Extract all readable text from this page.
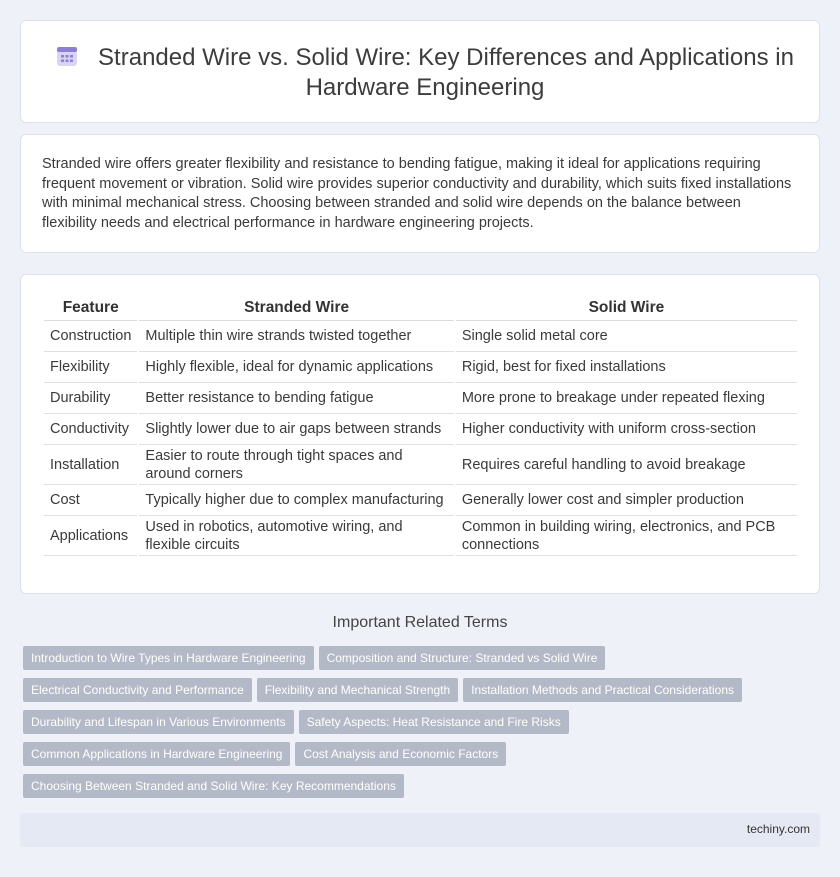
Stranded Wire vs. Solid Wire: Key Differences and Applications in Hardware Engineering

Stranded wire offers greater flexibility and resistance to bending fatigue, making it ideal for applications requiring frequent movement or vibration. Solid wire provides superior conductivity and durability, which suits fixed installations with minimal mechanical stress. Choosing between stranded and solid wire depends on the balance between flexibility needs and electrical performance in hardware engineering projects.

Feature	Stranded Wire	Solid Wire
Construction	Multiple thin wire strands twisted together	Single solid metal core
Flexibility	Highly flexible, ideal for dynamic applications	Rigid, best for fixed installations
Durability	Better resistance to bending fatigue	More prone to breakage under repeated flexing
Conductivity	Slightly lower due to air gaps between strands	Higher conductivity with uniform cross-section
Installation	Easier to route through tight spaces and around corners	Requires careful handling to avoid breakage
Cost	Typically higher due to complex manufacturing	Generally lower cost and simpler production
Applications	Used in robotics, automotive wiring, and flexible circuits	Common in building wiring, electronics, and PCB connections
Important Related Terms
Introduction to Wire Types in Hardware Engineering Composition and Structure: Stranded vs Solid Wire
Electrical Conductivity and Performance Flexibility and Mechanical Strength Installation Methods and Practical Considerations
Durability and Lifespan in Various Environments Safety Aspects: Heat Resistance and Fire Risks
Common Applications in Hardware Engineering Cost Analysis and Economic Factors
Choosing Between Stranded and Solid Wire: Key Recommendations
techiny.com
